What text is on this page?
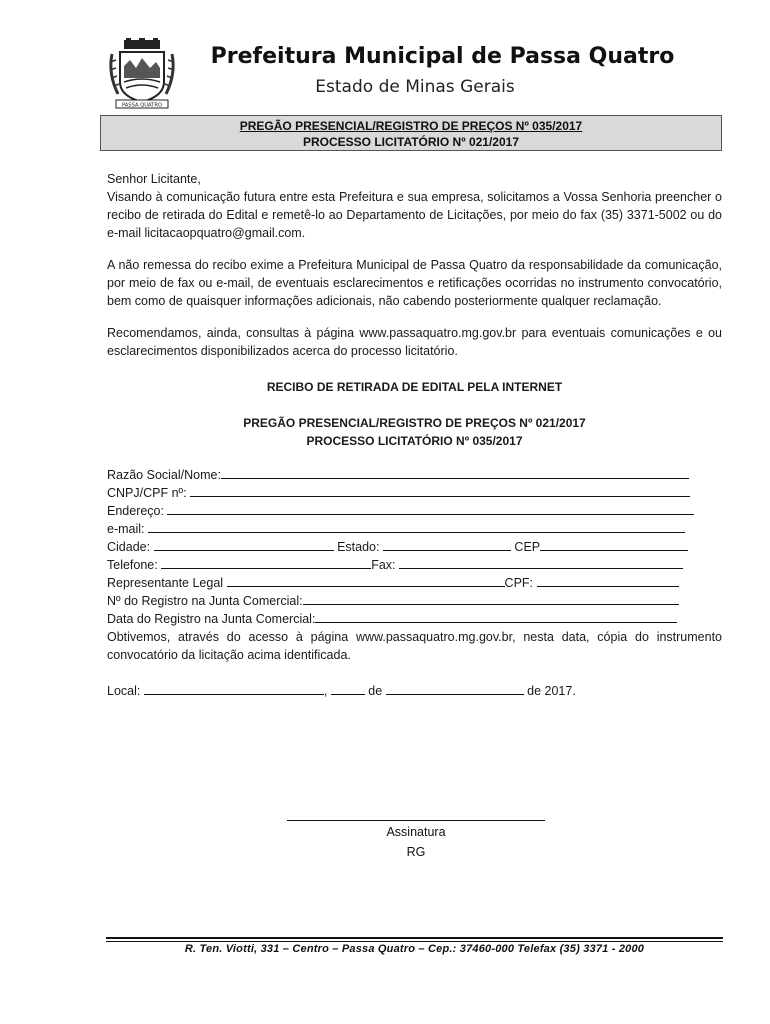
PASSA QUATRO
Prefeitura Municipal de Passa Quatro
Estado de Minas Gerais
PREGÃO PRESENCIAL/REGISTRO DE PREÇOS Nº 035/2017
PROCESSO LICITATÓRIO Nº 021/2017

Senhor Licitante,

Visando à comunicação futura entre esta Prefeitura e sua empresa, solicitamos a Vossa Senhoria preencher o recibo de retirada do Edital e remetê-lo ao Departamento de Licitações, por meio do fax (35) 3371-5002 ou do e-mail licitacaopquatro@gmail.com.

A não remessa do recibo exime a Prefeitura Municipal de Passa Quatro da responsabilidade da comunicação, por meio de fax ou e-mail, de eventuais esclarecimentos e retificações ocorridas no instrumento convocatório, bem como de quaisquer informações adicionais, não cabendo posteriormente qualquer reclamação.

Recomendamos, ainda, consultas à página www.passaquatro.mg.gov.br para eventuais comunicações e ou esclarecimentos disponibilizados acerca do processo licitatório.

RECIBO DE RETIRADA DE EDITAL PELA INTERNET

PREGÃO PRESENCIAL/REGISTRO DE PREÇOS Nº 021/2017

PROCESSO LICITATÓRIO Nº 035/2017

Razão Social/Nome:
CNPJ/CPF nº:
Endereço:
e-mail:
Cidade:	Estado:	CEP
Telefone:	Fax:
Representante Legal	CPF:
Nº do Registro na Junta Comercial:
Data do Registro na Junta Comercial:

Obtivemos, através do acesso à página www.passaquatro.mg.gov.br, nesta data, cópia do instrumento convocatório da licitação acima identificada.

Local:	,	de	de 2017.
Assinatura
RG
R. Ten. Viotti, 331 – Centro – Passa Quatro – Cep.: 37460-000 Telefax (35) 3371 - 2000
